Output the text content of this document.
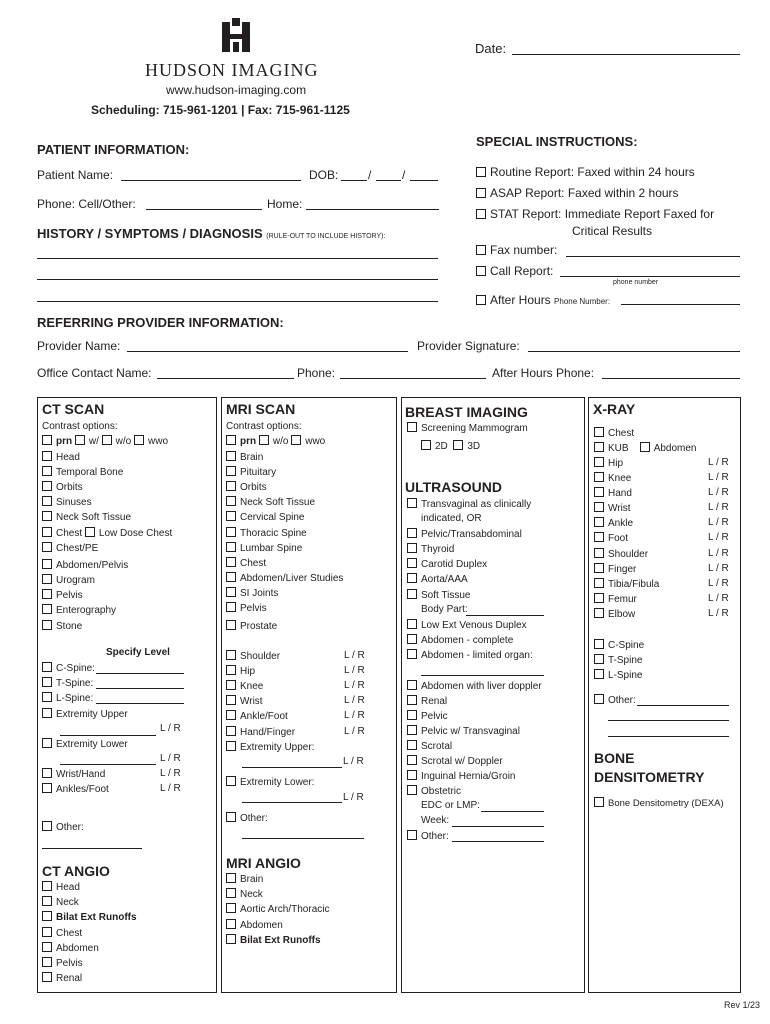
HUDSON IMAGING
www.hudson-imaging.com
Scheduling: 715-961-1201 | Fax: 715-961-1125
Date:
PATIENT INFORMATION:
Patient Name:	DOB: /	/
Phone: Cell/Other:	Home:
HISTORY / SYMPTOMS / DIAGNOSIS (RULE-OUT TO INCLUDE HISTORY):
SPECIAL INSTRUCTIONS:
Routine Report: Faxed within 24 hours
ASAP Report: Faxed within 2 hours
STAT Report: Immediate Report Faxed for
Critical Results
Fax number:
Call Report:
phone number
After Hours Phone Number:
REFERRING PROVIDER INFORMATION:
Provider Name:	Provider Signature:
Office Contact Name:	Phone:	After Hours Phone:
CT SCAN
Contrast options:
prn w/ w/o wwo
Head
Temporal Bone
Orbits
Sinuses
Neck Soft Tissue
Chest Low Dose Chest
Chest/PE
Abdomen/Pelvis
Urogram
Pelvis
Enterography
Stone
Specify Level
C-Spine:
T-Spine:
L-Spine:
Extremity Upper
L / R
Extremity Lower
L / R
Wrist/Hand	L / R
Ankles/Foot	L / R
Other:
CT ANGIO
Head
Neck
Bilat Ext Runoffs
Chest
Abdomen
Pelvis
Renal
MRI SCAN
Contrast options:
prn w/o wwo
Brain
Pituitary
Orbits
Neck Soft Tissue
Cervical Spine
Thoracic Spine
Lumbar Spine
Chest
Abdomen/Liver Studies
SI Joints
Pelvis
Prostate
Shoulder	L / R
Hip	L / R
Knee	L / R
Wrist	L / R
Ankle/Foot	L / R
Hand/Finger	L / R
Extremity Upper:
L / R
Extremity Lower:
L / R
Other:
MRI ANGIO
Brain
Neck
Aortic Arch/Thoracic
Abdomen
Bilat Ext Runoffs
BREAST IMAGING
Screening Mammogram
2D 3D
ULTRASOUND
Transvaginal as clinically
indicated, OR
Pelvic/Transabdominal
Thyroid
Carotid Duplex
Aorta/AAA
Soft Tissue
Body Part:
Low Ext Venous Duplex
Abdomen - complete
Abdomen - limited organ:
Abdomen with liver doppler
Renal
Pelvic
Pelvic w/ Transvaginal
Scrotal
Scrotal w/ Doppler
Inguinal Hernia/Groin
Obstetric
EDC or LMP:
Week:
Other:
X-RAY
Chest
KUB	Abdomen
Hip	L / R
Knee	L / R
Hand	L / R
Wrist	L / R
Ankle	L / R
Foot	L / R
Shoulder	L / R
Finger	L / R
Tibia/Fibula	L / R
Femur	L / R
Elbow	L / R
C-Spine
T-Spine
L-Spine
Other:
BONE
DENSITOMETRY
Bone Densitometry (DEXA)
Rev 1/23
